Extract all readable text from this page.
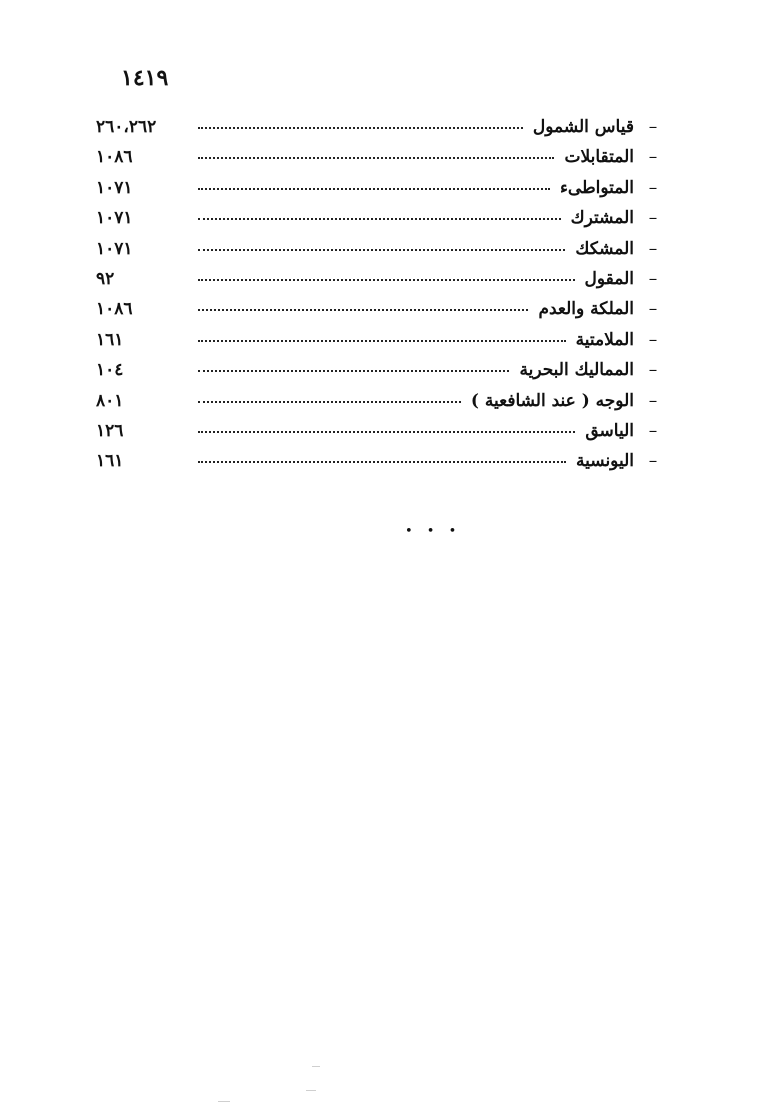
١٤١٩
–
قياس الشمول
٢٦٠،٢٦٢
–
المتقابلات
١٠٨٦
–
المتواطىء
١٠٧١
–
المشترك
١٠٧١
–
المشكك
١٠٧١
–
المقول
٩٢
–
الملكة والعدم
١٠٨٦
–
الملامتية
١٦١
–
المماليك البحرية
١٠٤
–
الوجه ( عند الشافعية )
٨٠١
–
الياسق
١٢٦
–
اليونسية
١٦١
• • •
